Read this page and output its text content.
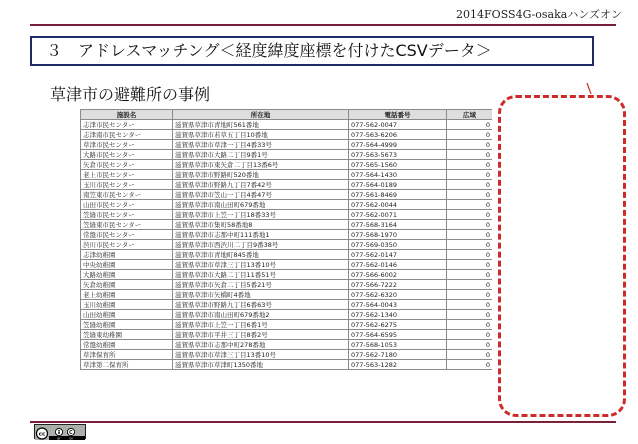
2014FOSS4G-osakaハンズオン
３　アドレスマッチング＜経度緯度座標を付けたCSVデータ＞
草津市の避難所の事例
施設名	所在地	電話番号	広域
志津市民センター	滋賀県草津市青地町561番地	077-562-0047	0
志津南市民センター	滋賀県草津市若草五丁目10番地	077-563-6206	0
草津市民センター	滋賀県草津市草津一丁目4番33号	077-564-4999	0
大路市民センター	滋賀県草津市大路二丁目9番1号	077-563-5673	0
矢倉市民センター	滋賀県草津市東矢倉二丁目13番6号	077-565-1560	0
老上市民センター	滋賀県草津市野路町520番地	077-564-1430	0
玉川市民センター	滋賀県草津市野路九丁目7番42号	077-564-0189	0
南笠東市民センター	滋賀県草津市笠山一丁目4番47号	077-561-8469	0
山田市民センター	滋賀県草津市南山田町679番地	077-562-0044	0
笠縫市民センター	滋賀県草津市上笠一丁目18番33号	077-562-0071	0
笠縫東市民センター	滋賀県草津市集町58番地8	077-568-3164	0
常盤市民センター	滋賀県草津市志那中町111番地1	077-568-1970	0
渋川市民センター	滋賀県草津市西渋川二丁目9番38号	077-569-0350	0
志津幼稚園	滋賀県草津市青地町845番地	077-562-0147	0
中央幼稚園	滋賀県草津市草津三丁目13番10号	077-562-0146	0
大路幼稚園	滋賀県草津市大路二丁目11番51号	077-566-6002	0
矢倉幼稚園	滋賀県草津市矢倉二丁目5番21号	077-566-7222	0
老上幼稚園	滋賀県草津市矢橋町4番地	077-562-6320	0
玉川幼稚園	滋賀県草津市野路九丁目6番63号	077-564-0043	0
山田幼稚園	滋賀県草津市南山田町679番地2	077-562-1340	0
笠縫幼稚園	滋賀県草津市上笠一丁目6番1号	077-562-6275	0
笠縫東幼稚園	滋賀県草津市平井三丁目8番2号	077-564-6595	0
常盤幼稚園	滋賀県草津市志那中町278番地	077-568-1053	0
草津保育所	滋賀県草津市草津三丁目13番10号	077-562-7180	0
草津第二保育所	滋賀県草津市草津町1350番地	077-563-1282	0
cc
BY	SA
